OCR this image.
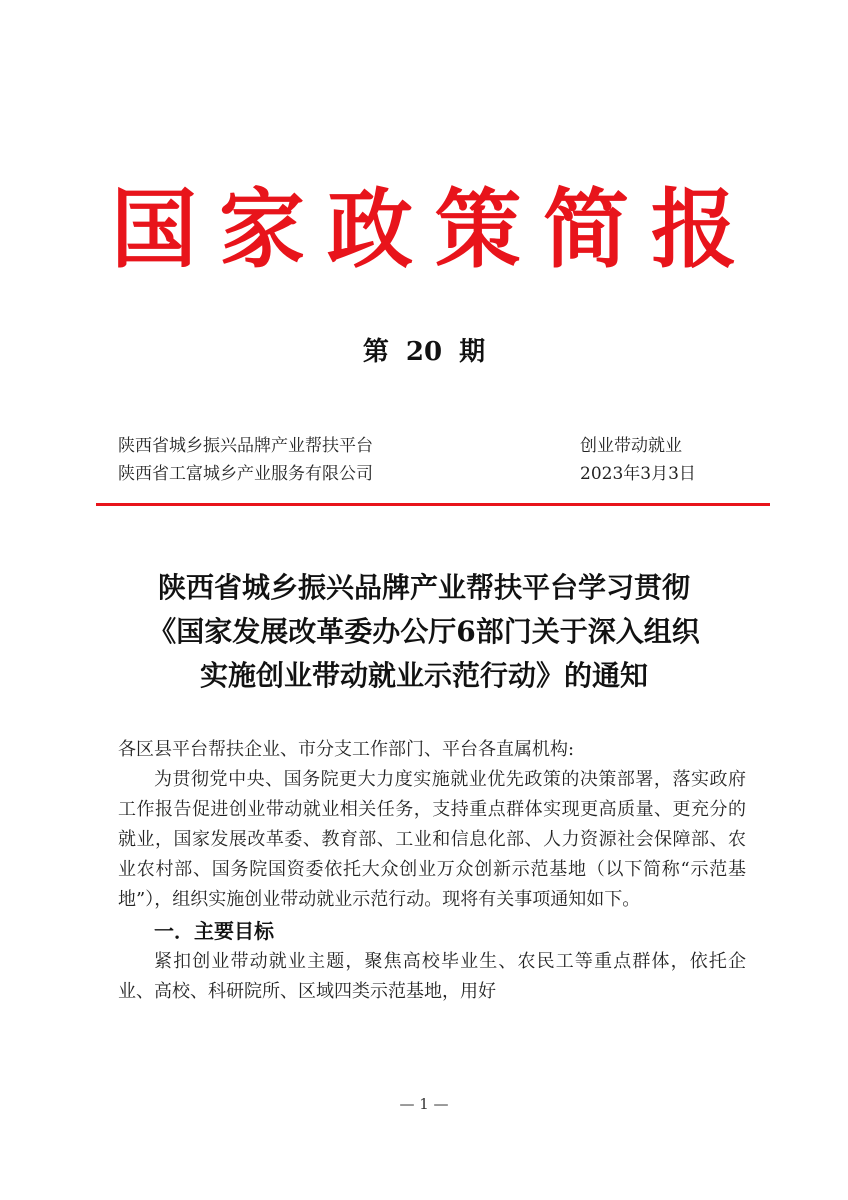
国家政策简报
第 20 期
陕西省城乡振兴品牌产业帮扶平台	创业带动就业
陕西省工富城乡产业服务有限公司	2023年3月3日
陕西省城乡振兴品牌产业帮扶平台学习贯彻
《国家发展改革委办公厅6部门关于深入组织
实施创业带动就业示范行动》的通知

各区县平台帮扶企业、市分支工作部门、平台各直属机构:

为贯彻党中央、国务院更大力度实施就业优先政策的决策部署，落实政府工作报告促进创业带动就业相关任务，支持重点群体实现更高质量、更充分的就业，国家发展改革委、教育部、工业和信息化部、人力资源社会保障部、农业农村部、国务院国资委依托大众创业万众创新示范基地（以下简称“示范基地”），组织实施创业带动就业示范行动。现将有关事项通知如下。

一．主要目标

紧扣创业带动就业主题，聚焦高校毕业生、农民工等重点群体，依托企业、高校、科研院所、区域四类示范基地，用好

— 1 —
